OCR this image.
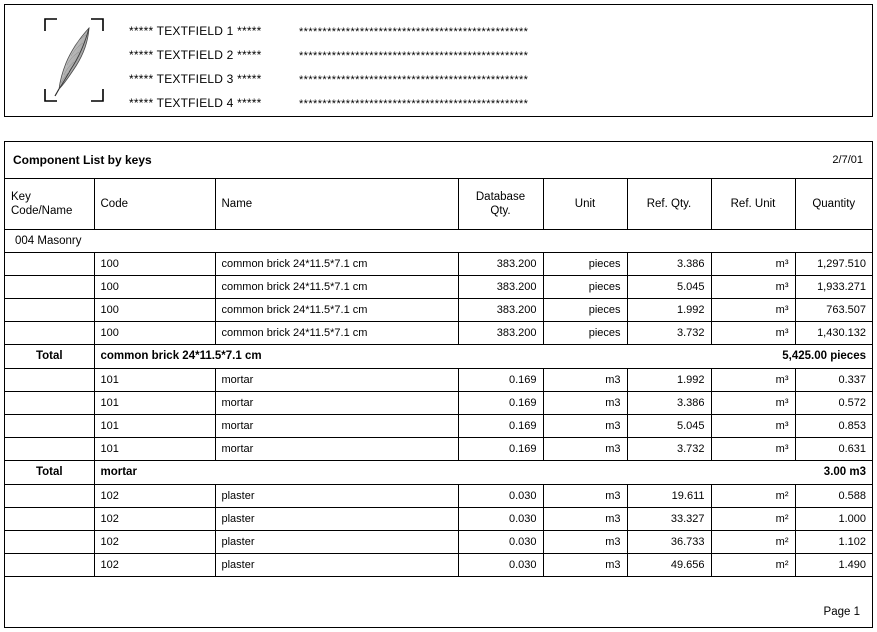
***** TEXTFIELD 1 *****	*************************************************
***** TEXTFIELD 2 *****	*************************************************
***** TEXTFIELD 3 *****	*************************************************
***** TEXTFIELD 4 *****	*************************************************
Component List by keys	2/7/01
Key
Code/Name	Code	Name	Database Qty.	Unit	Ref. Qty.	Ref. Unit	Quantity
004 Masonry							
	100	common brick 24*11.5*7.1 cm	383.200	pieces	3.386	m³	1,297.510
	100	common brick 24*11.5*7.1 cm	383.200	pieces	5.045	m³	1,933.271
	100	common brick 24*11.5*7.1 cm	383.200	pieces	1.992	m³	763.507
	100	common brick 24*11.5*7.1 cm	383.200	pieces	3.732	m³	1,430.132
Total	common brick 24*11.5*7.1 cm				5,425.00 pieces		
	101	mortar	0.169	m3	1.992	m³	0.337
	101	mortar	0.169	m3	3.386	m³	0.572
	101	mortar	0.169	m3	5.045	m³	0.853
	101	mortar	0.169	m3	3.732	m³	0.631
Total	mortar				3.00 m3		
	102	plaster	0.030	m3	19.611	m²	0.588
	102	plaster	0.030	m3	33.327	m²	1.000
	102	plaster	0.030	m3	36.733	m²	1.102
	102	plaster	0.030	m3	49.656	m²	1.490
Page 1
